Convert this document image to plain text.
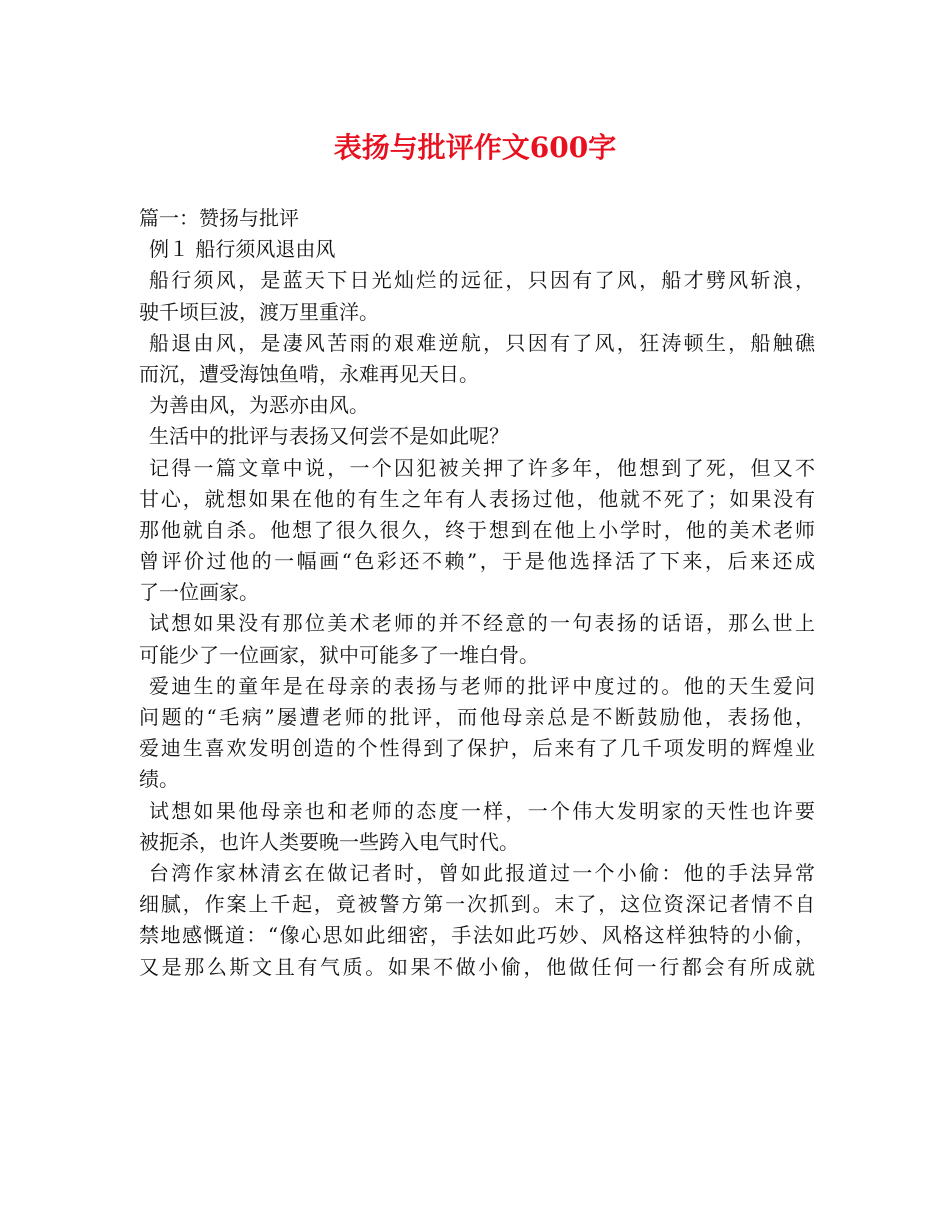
表扬与批评作文600字
篇一：赞扬与批评
例１ 船行须风退由风
船行须风，是蓝天下日光灿烂的远征，只因有了风，船才劈风斩浪，
驶千顷巨波，渡万里重洋。
船退由风，是凄风苦雨的艰难逆航，只因有了风，狂涛顿生，船触礁
而沉，遭受海蚀鱼啃，永难再见天日。
为善由风，为恶亦由风。
生活中的批评与表扬又何尝不是如此呢？
记得一篇文章中说，一个囚犯被关押了许多年，他想到了死，但又不
甘心，就想如果在他的有生之年有人表扬过他，他就不死了；如果没有
那他就自杀。他想了很久很久，终于想到在他上小学时，他的美术老师
曾评价过他的一幅画“色彩还不赖”，于是他选择活了下来，后来还成
了一位画家。
试想如果没有那位美术老师的并不经意的一句表扬的话语，那么世上
可能少了一位画家，狱中可能多了一堆白骨。
爱迪生的童年是在母亲的表扬与老师的批评中度过的。他的天生爱问
问题的“毛病”屡遭老师的批评，而他母亲总是不断鼓励他，表扬他，
爱迪生喜欢发明创造的个性得到了保护，后来有了几千项发明的辉煌业
绩。
试想如果他母亲也和老师的态度一样，一个伟大发明家的天性也许要
被扼杀，也许人类要晚一些跨入电气时代。
台湾作家林清玄在做记者时，曾如此报道过一个小偷：他的手法异常
细腻，作案上千起，竟被警方第一次抓到。末了，这位资深记者情不自
禁地感慨道：“像心思如此细密，手法如此巧妙、风格这样独特的小偷，
又是那么斯文且有气质。如果不做小偷，他做任何一行都会有所成就
